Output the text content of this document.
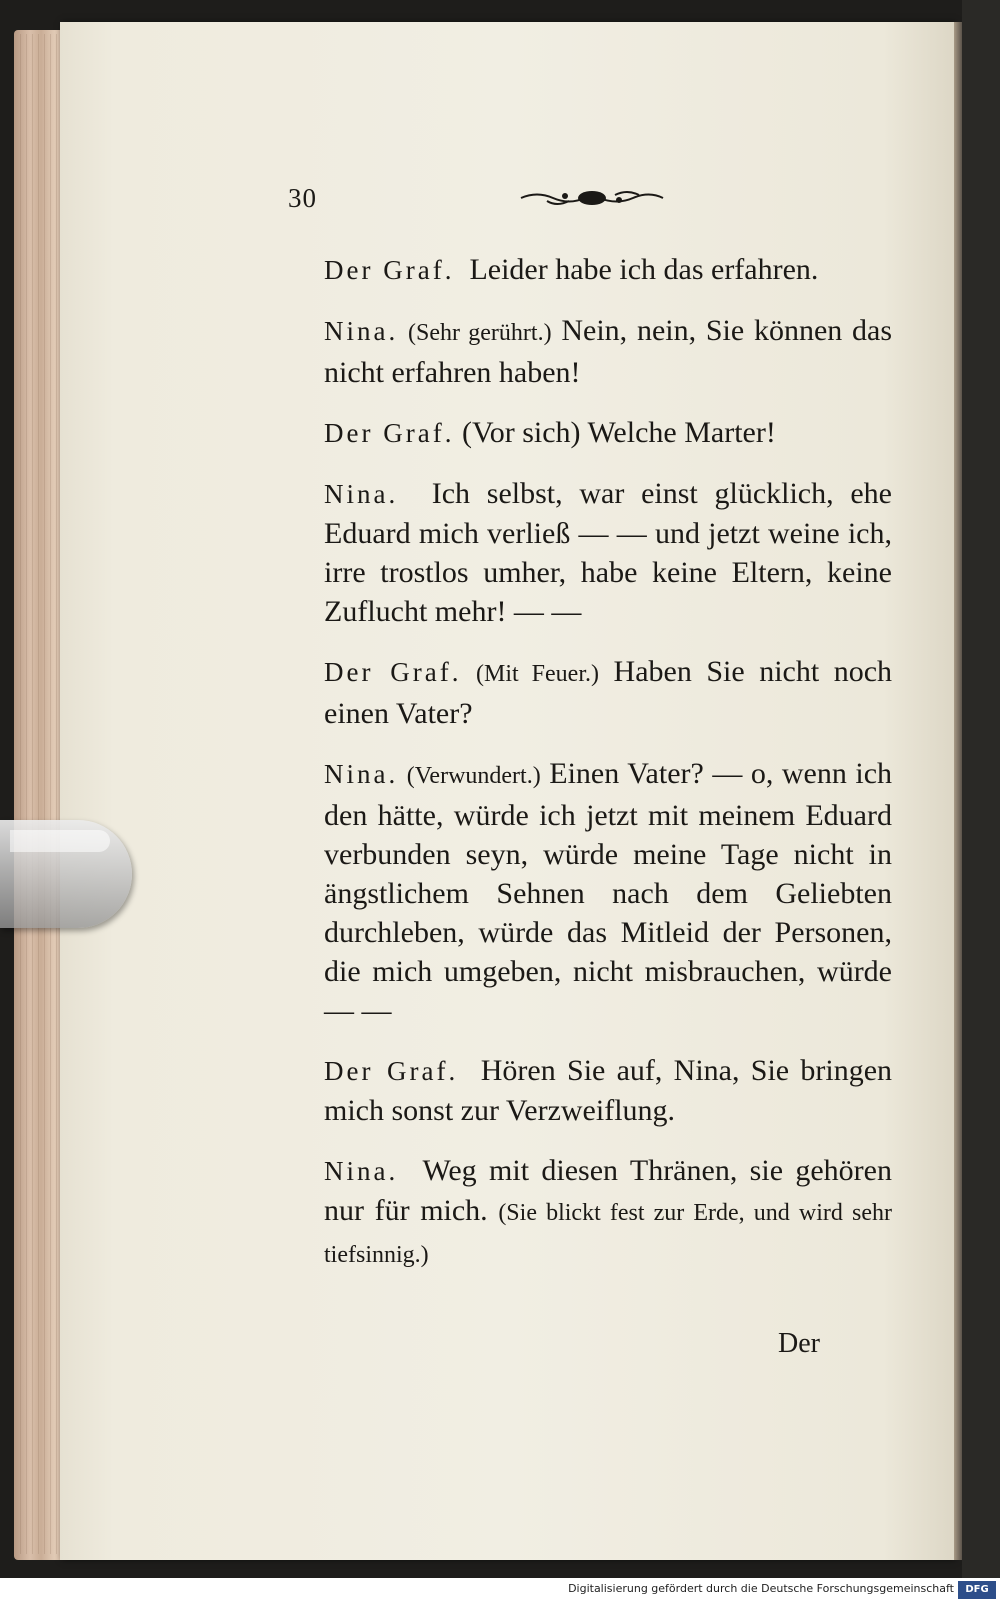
30

Der Graf. Leider habe ich das erfahren.

Nina. (Sehr gerührt.) Nein, nein, Sie können das nicht erfahren haben!

Der Graf. (Vor sich) Welche Marter!

Nina. Ich selbst, war einst glücklich, ehe Eduard mich verließ — — und jetzt weine ich, irre trostlos umher, habe keine Eltern, keine Zuflucht mehr! — —

Der Graf. (Mit Feuer.) Haben Sie nicht noch einen Vater?

Nina. (Verwundert.) Einen Vater? — o, wenn ich den hätte, würde ich jetzt mit meinem Eduard verbunden seyn, würde meine Tage nicht in ängstlichem Sehnen nach dem Geliebten durchleben, würde das Mitleid der Personen, die mich umgeben, nicht misbrauchen, würde — —

Der Graf. Hören Sie auf, Nina, Sie bringen mich sonst zur Verzweiflung.

Nina. Weg mit diesen Thränen, sie gehören nur für mich. (Sie blickt fest zur Erde, und wird sehr tiefsinnig.)

Der
Digitalisierung gefördert durch die Deutsche Forschungsgemeinschaft	DFG
